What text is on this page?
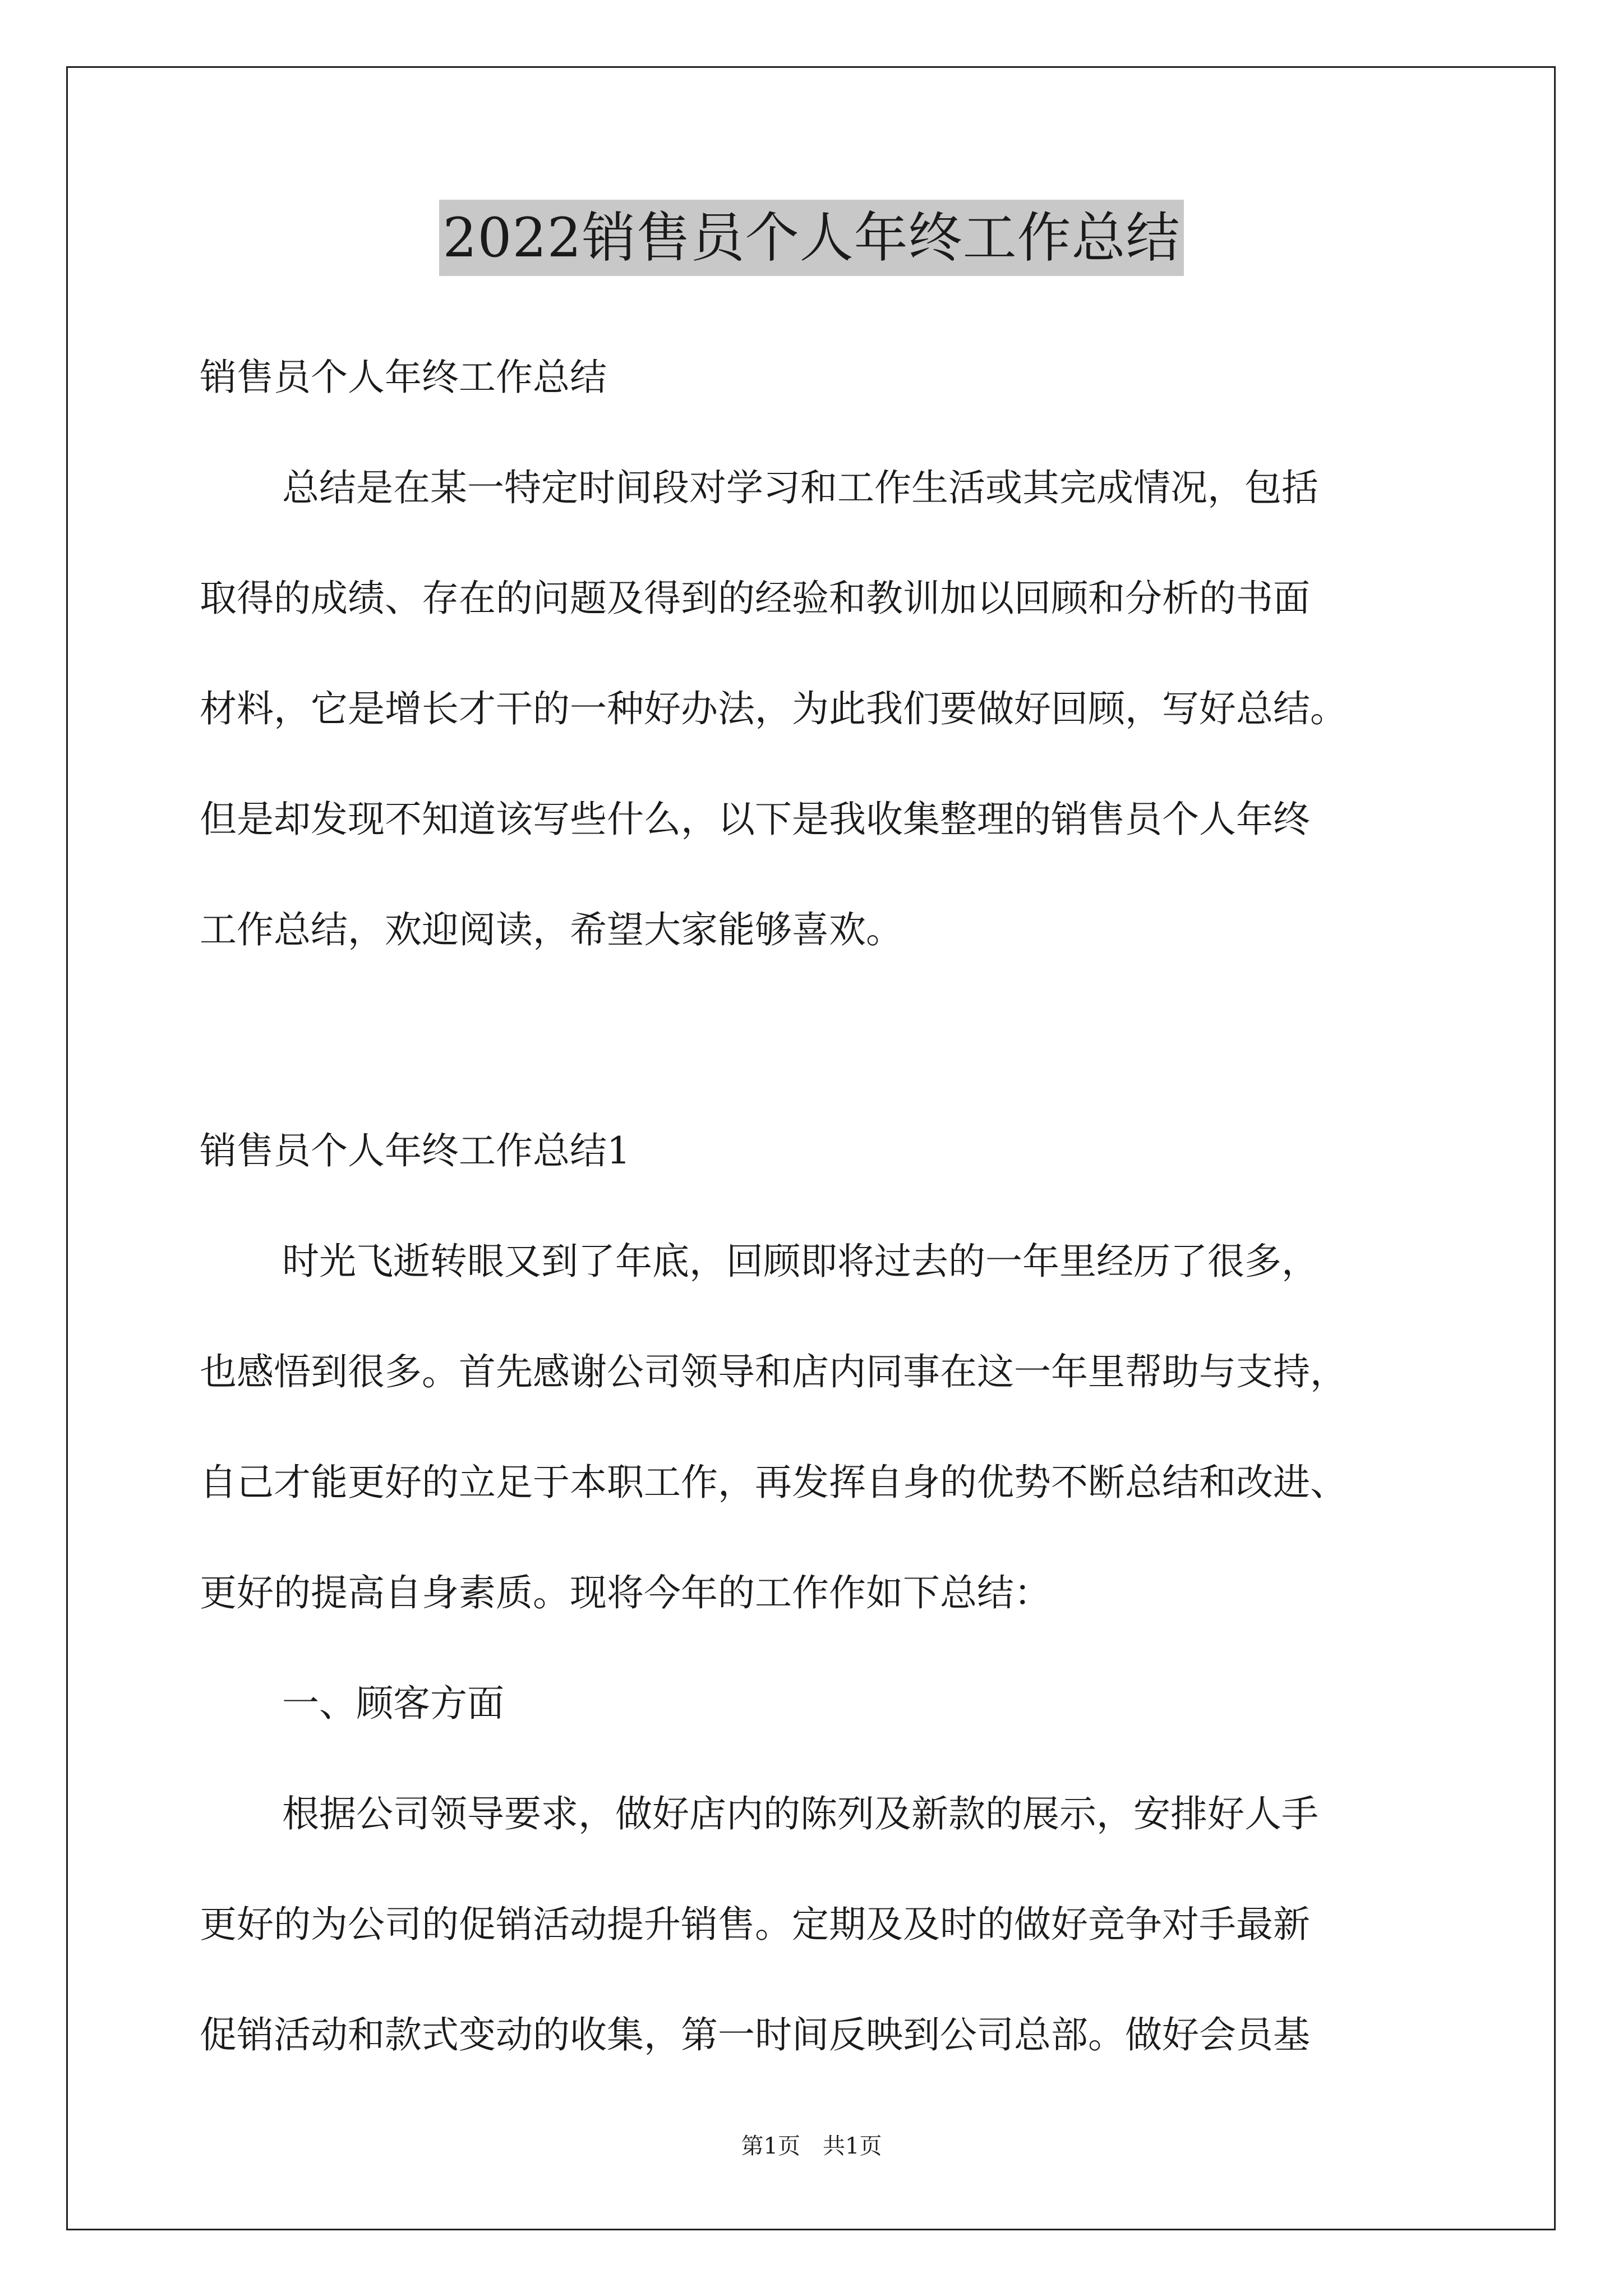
2022销售员个人年终工作总结
销售员个人年终工作总结
总结是在某一特定时间段对学习和工作生活或其完成情况，包括
取得的成绩、存在的问题及得到的经验和教训加以回顾和分析的书面
材料，它是增长才干的一种好办法，为此我们要做好回顾，写好总结。
但是却发现不知道该写些什么，以下是我收集整理的销售员个人年终
工作总结，欢迎阅读，希望大家能够喜欢。
销售员个人年终工作总结1
时光飞逝转眼又到了年底，回顾即将过去的一年里经历了很多，
也感悟到很多。首先感谢公司领导和店内同事在这一年里帮助与支持，
自己才能更好的立足于本职工作，再发挥自身的优势不断总结和改进、
更好的提高自身素质。现将今年的工作作如下总结：
一、顾客方面
根据公司领导要求，做好店内的陈列及新款的展示，安排好人手
更好的为公司的促销活动提升销售。定期及及时的做好竞争对手最新
促销活动和款式变动的收集，第一时间反映到公司总部。做好会员基
第1页 共1页
